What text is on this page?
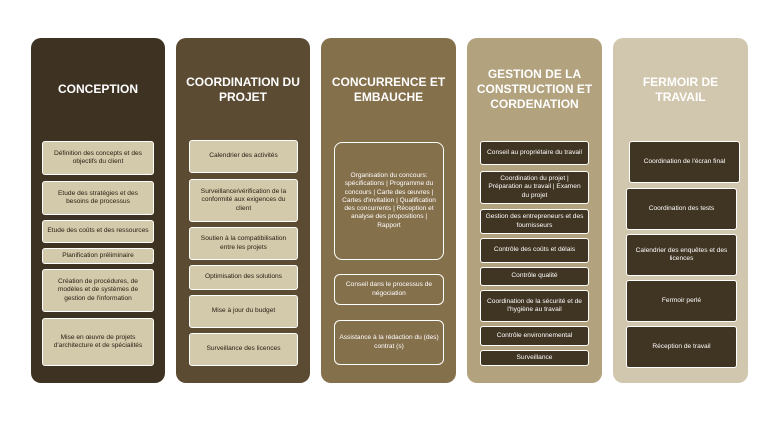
CONCEPTION
Définition des concepts et des objectifs du client
Etude des stratégies et des besoins de processus
Etude des coûts et des ressources
Planification préliminaire
Création de procédures, de modèles et de systèmes de gestion de l'information
Mise en œuvre de projets d'architecture et de spécialités
COORDINATION DU PROJET
Calendrier des activités
Surveillance/vérification de la conformité aux exigences du client
Soutien à la compatibilisation entre les projets
Optimisation des solutions
Mise à jour du budget
Surveillance des licences
CONCURRENCE ET EMBAUCHE
Organisation du concours: spécifications | Programme du concours | Carte des œuvres | Cartes d'invitation | Qualification des concurrents | Réception et analyse des propositions | Rapport
Conseil dans le processus de négociation
Assistance à la rédaction du (des) contrat (s)
GESTION DE LA CONSTRUCTION ET CORDENATION
Conseil au propriétaire du travail
Coordination du projet | Préparation au travail | Examen du projet
Gestion des entrepreneurs et des fournisseurs
Contrôle des coûts et délais
Contrôle qualité
Coordination de la sécurité et de l'hygiène au travail
Contrôle environnemental
Surveillance
FERMOIR DE TRAVAIL
Coordination de l'écran final
Coordination des tests
Calendrier des enquêtes et des licences
Fermoir perlé
Réception de travail
